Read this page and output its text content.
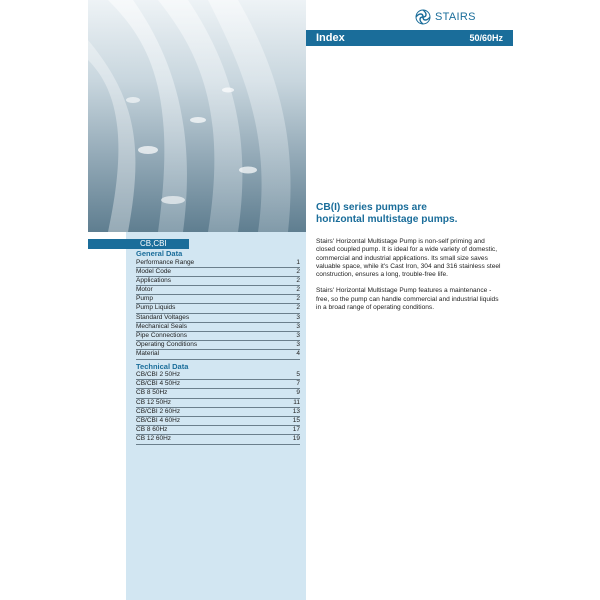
CB,CBI
General Data
Performance Range	1
Model Code	2
Applications	2
Motor	2
Pump	2
Pump Liquids	2
Standard Voltages	3
Mechanical Seals	3
Pipe Connections	3
Operating Conditions	3
Material	4
Technical Data
CB/CBI 2 50Hz	5
CB/CBI 4 50Hz	7
CB 8 50Hz	9
CB 12 50Hz	11
CB/CBI 2 60Hz	13
CB/CBI 4 60Hz	15
CB 8 60Hz	17
CB 12 60Hz	19
STAIRS
Index	50/60Hz
CB(I) series pumps are
horizontal multistage pumps.

Stairs' Horizontal Multistage Pump is non-self priming and closed coupled pump. It is ideal for a wide variety of domestic, commercial and industrial applications. Its small size saves valuable space, while it's Cast Iron, 304 and 316 stainless steel construction, ensures a long, trouble-free life.

Stairs' Horizontal Multistage Pump features a maintenance -free, so the pump can handle commercial and industrial liquids in a broad range of operating conditions.
